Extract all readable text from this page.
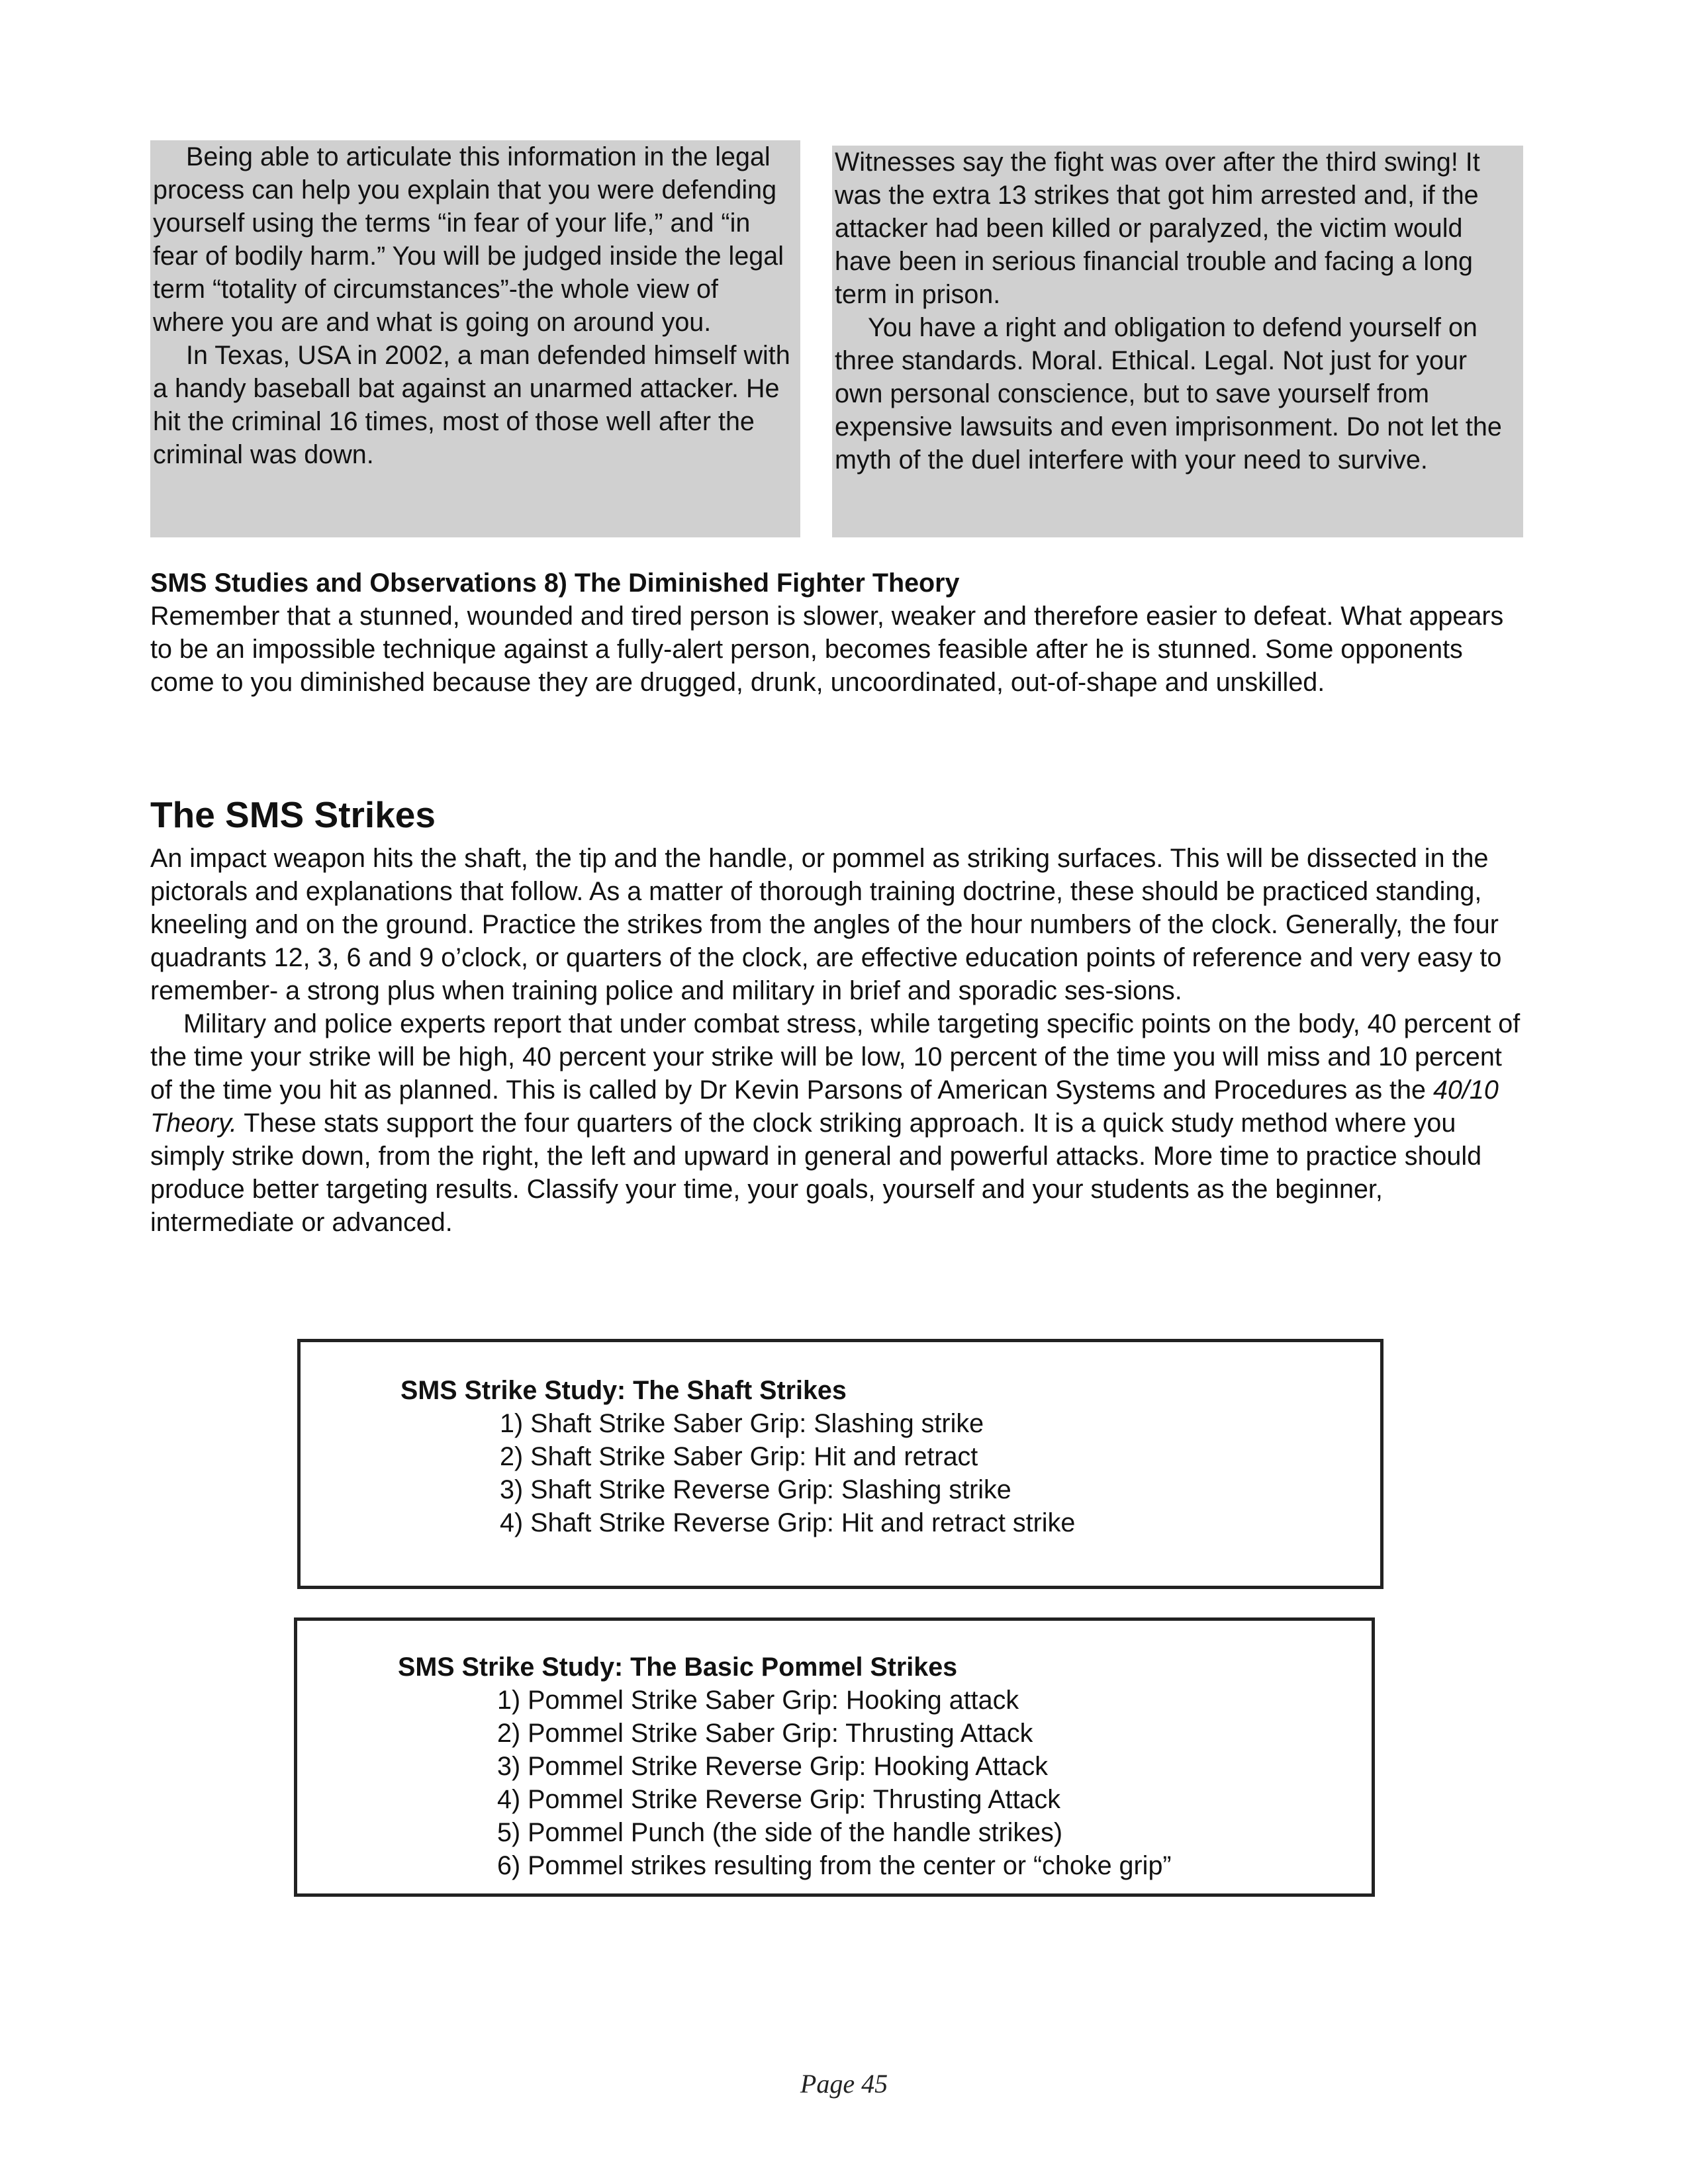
Being able to articulate this information in the legal process can help you explain that you were defending yourself using the terms “in fear of your life,” and “in fear of bodily harm.” You will be judged inside the legal term “totality of circumstances”-the whole view of where you are and what is going on around you.

In Texas, USA in 2002, a man defended himself with a handy baseball bat against an unarmed attacker. He hit the criminal 16 times, most of those well after the criminal was down.

Witnesses say the fight was over after the third swing! It was the extra 13 strikes that got him arrested and, if the attacker had been killed or paralyzed, the victim would have been in serious financial trouble and facing a long term in prison.

You have a right and obligation to defend yourself on three standards. Moral. Ethical. Legal. Not just for your own personal conscience, but to save yourself from expensive lawsuits and even imprisonment. Do not let the myth of the duel interfere with your need to survive.

SMS Studies and Observations 8) The Diminished Fighter Theory

Remember that a stunned, wounded and tired person is slower, weaker and therefore easier to defeat. What appears to be an impossible technique against a fully-alert person, becomes feasible after he is stunned. Some opponents come to you diminished because they are drugged, drunk, uncoordinated, out-of-shape and unskilled.

The SMS Strikes

An impact weapon hits the shaft, the tip and the handle, or pommel as striking surfaces. This will be dissected in the pictorals and explanations that follow. As a matter of thorough training doctrine, these should be practiced standing, kneeling and on the ground. Practice the strikes from the angles of the hour numbers of the clock. Generally, the four quadrants 12, 3, 6 and 9 o’clock, or quarters of the clock, are effective education points of reference and very easy to remember- a strong plus when training police and military in brief and sporadic ses-sions.

Military and police experts report that under combat stress, while targeting specific points on the body, 40 percent of the time your strike will be high, 40 percent your strike will be low, 10 percent of the time you will miss and 10 percent of the time you hit as planned. This is called by Dr Kevin Parsons of American Systems and Procedures as the 40/10 Theory. These stats support the four quarters of the clock striking approach. It is a quick study method where you simply strike down, from the right, the left and upward in general and powerful attacks. More time to practice should produce better targeting results. Classify your time, your goals, yourself and your students as the beginner, intermediate or advanced.

SMS Strike Study: The Shaft Strikes

1) Shaft Strike Saber Grip: Slashing strike
2) Shaft Strike Saber Grip: Hit and retract
3) Shaft Strike Reverse Grip: Slashing strike
4) Shaft Strike Reverse Grip: Hit and retract strike

SMS Strike Study: The Basic Pommel Strikes

1) Pommel Strike Saber Grip: Hooking attack
2) Pommel Strike Saber Grip: Thrusting Attack
3) Pommel Strike Reverse Grip: Hooking Attack
4) Pommel Strike Reverse Grip: Thrusting Attack
5) Pommel Punch (the side of the handle strikes)
6) Pommel strikes resulting from the center or “choke grip”
Page 45
